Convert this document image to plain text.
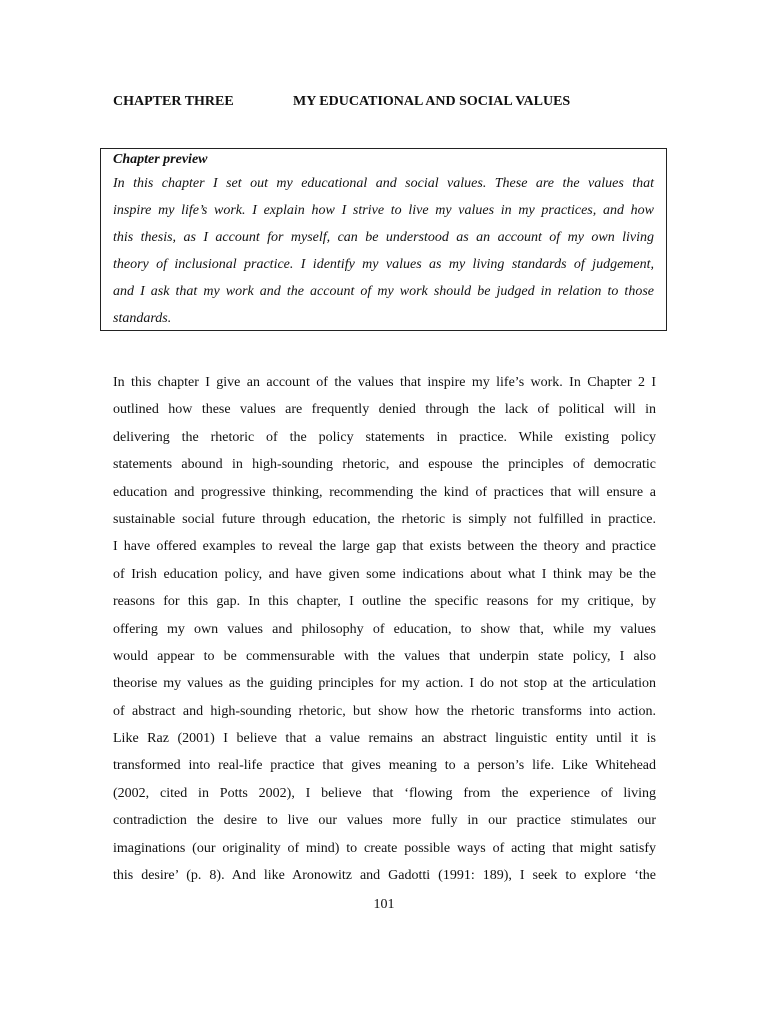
CHAPTER THREE	MY EDUCATIONAL AND SOCIAL VALUES

Chapter preview

In this chapter I set out my educational and social values. These are the values that
inspire my life’s work. I explain how I strive to live my values in my practices, and how
this thesis, as I account for myself, can be understood as an account of my own living
theory of inclusional practice. I identify my values as my living standards of judgement,
and I ask that my work and the account of my work should be judged in relation to those
standards.
In this chapter I give an account of the values that inspire my life’s work. In Chapter 2 I
outlined how these values are frequently denied through the lack of political will in
delivering the rhetoric of the policy statements in practice. While existing policy
statements abound in high-sounding rhetoric, and espouse the principles of democratic
education and progressive thinking, recommending the kind of practices that will ensure a
sustainable social future through education, the rhetoric is simply not fulfilled in practice.
I have offered examples to reveal the large gap that exists between the theory and practice
of Irish education policy, and have given some indications about what I think may be the
reasons for this gap. In this chapter, I outline the specific reasons for my critique, by
offering my own values and philosophy of education, to show that, while my values
would appear to be commensurable with the values that underpin state policy, I also
theorise my values as the guiding principles for my action. I do not stop at the articulation
of abstract and high-sounding rhetoric, but show how the rhetoric transforms into action.
Like Raz (2001) I believe that a value remains an abstract linguistic entity until it is
transformed into real-life practice that gives meaning to a person’s life. Like Whitehead
(2002, cited in Potts 2002), I believe that ‘flowing from the experience of living
contradiction the desire to live our values more fully in our practice stimulates our
imaginations (our originality of mind) to create possible ways of acting that might satisfy
this desire’ (p. 8). And like Aronowitz and Gadotti (1991: 189), I seek to explore ‘the
101
